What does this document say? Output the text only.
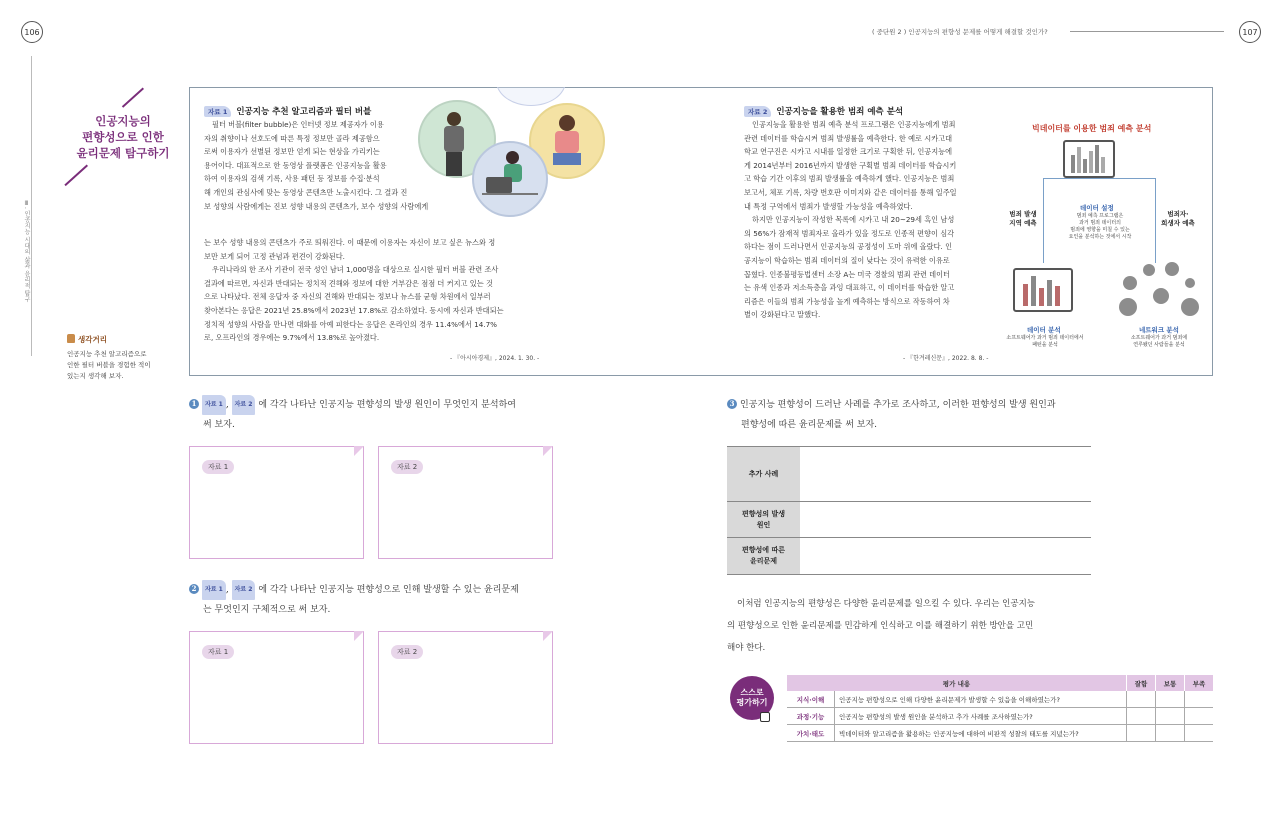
106	107
( 중단원 2 ) 인공지능의 편향성 문제를 어떻게 해결할 것인가?
Ⅲ. 인공지능 시대의 삶과 윤리적 탐구
인공지능의
편향성으로 인한
윤리문제 탐구하기
생각거리
인공지능 추천 알고리즘으로 인한 필터 버블을 경험한 적이 있는지 생각해 보자.
자료 1 인공지능 추천 알고리즘과 필터 버블
필터 버블(filter bubble)은 인터넷 정보 제공자가 이용
자의 취향이나 선호도에 따른 특정 정보만 골라 제공함으
로써 이용자가 선별된 정보만 얻게 되는 현상을 가리키는
용어이다. 대표적으로 한 동영상 플랫폼은 인공지능을 활용
하여 이용자의 검색 기록, 사용 패턴 등 정보를 수집·분석
해 개인의 관심사에 맞는 동영상 콘텐츠만 노출시킨다. 그 결과 진
보 성향의 사람에게는 진보 성향 내용의 콘텐츠가, 보수 성향의 사람에게
는 보수 성향 내용의 콘텐츠가 주로 띄워진다. 이 때문에 이용자는 자신이 보고 싶은 뉴스와 정
보만 보게 되어 고정 관념과 편견이 강화된다.
우리나라의 한 조사 기관이 전국 성인 남녀 1,000명을 대상으로 실시한 필터 버블 관련 조사
결과에 따르면, 자신과 반대되는 정치적 견해와 정보에 대한 거부감은 점점 더 커지고 있는 것
으로 나타났다. 전체 응답자 중 자신의 견해와 반대되는 정보나 뉴스를 균형 차원에서 일부러
찾아본다는 응답은 2021년 25.8%에서 2023년 17.8%로 감소하였다. 동시에 자신과 반대되는
정치적 성향의 사람을 만나면 대화를 아예 피한다는 응답은 온라인의 경우 11.4%에서 14.7%
로, 오프라인의 경우에는 9.7%에서 13.8%로 높아졌다.
- 『아시아경제』, 2024. 1. 30. -
자료 2 인공지능을 활용한 범죄 예측 분석
인공지능을 활용한 범죄 예측 분석 프로그램은 인공지능에게 범죄
관련 데이터를 학습시켜 범죄 발생률을 예측한다. 한 예로 시카고대
학교 연구진은 시카고 시내를 일정한 크기로 구획한 뒤, 인공지능에
게 2014년부터 2016년까지 발생한 구획별 범죄 데이터를 학습시키
고 학습 기간 이후의 범죄 발생률을 예측하게 했다. 인공지능은 범죄
보고서, 체포 기록, 차량 번호판 이미지와 같은 데이터를 통해 일주일
내 특정 구역에서 범죄가 발생할 가능성을 예측하였다.
하지만 인공지능이 작성한 목록에 시카고 내 20~29세 흑인 남성
의 56%가 잠재적 범죄자로 올라가 있을 정도로 인종적 편향이 심각
하다는 점이 드러나면서 인공지능의 공정성이 도마 위에 올랐다. 인
공지능이 학습하는 범죄 데이터의 질이 낮다는 것이 유력한 이유로
꼽혔다. 인종불평등법센터 소장 A는 미국 경찰의 범죄 관련 데이터
는 유색 인종과 저소득층을 과잉 대표하고, 이 데이터를 학습한 알고
리즘은 이들의 범죄 가능성을 높게 예측하는 방식으로 작동하여 차
별이 강화된다고 말했다.
- 『한겨레신문』, 2022. 8. 8. -
빅데이터를 이용한 범죄 예측 분석
데이터 설정
범죄 예측 프로그램은
과거 범죄 데이터의
범죄에 영향을 미칠 수 있는
요인을 분석하는 것에서 시작
범죄 발생
지역 예측
범죄자·
희생자 예측
데이터 분석
소프트웨어가 과거 범죄 데이터에서
패턴을 분석
네트워크 분석
소프트웨어가 과거 범죄에
연루됐던 사람들을 분석
1 자료 1 , 자료 2 에 각각 나타난 인공지능 편향성의 발생 원인이 무엇인지 분석하여
써 보자.
자료 1	자료 2
2 자료 1 , 자료 2 에 각각 나타난 인공지능 편향성으로 인해 발생할 수 있는 윤리문제
는 무엇인지 구체적으로 써 보자.
자료 1	자료 2
3 인공지능 편향성이 드러난 사례를 추가로 조사하고, 이러한 편향성의 발생 원인과
편향성에 따른 윤리문제를 써 보자.
추가 사례
편향성의 발생
원인
편향성에 따른
윤리문제
이처럼 인공지능의 편향성은 다양한 윤리문제를 일으킬 수 있다. 우리는 인공지능
의 편향성으로 인한 윤리문제를 민감하게 인식하고 이를 해결하기 위한 방안을 고민
해야 한다.
스스로
평가하기
평가 내용	잘함	보통	부족
지식·이해	인공지능 편향성으로 인해 다양한 윤리문제가 발생할 수 있음을 이해하였는가?
과정·기능	인공지능 편향성의 발생 원인을 분석하고 추가 사례를 조사하였는가?
가치·태도	빅데이터와 알고리즘을 활용하는 인공지능에 대하여 비판적 성찰의 태도를 지녔는가?
